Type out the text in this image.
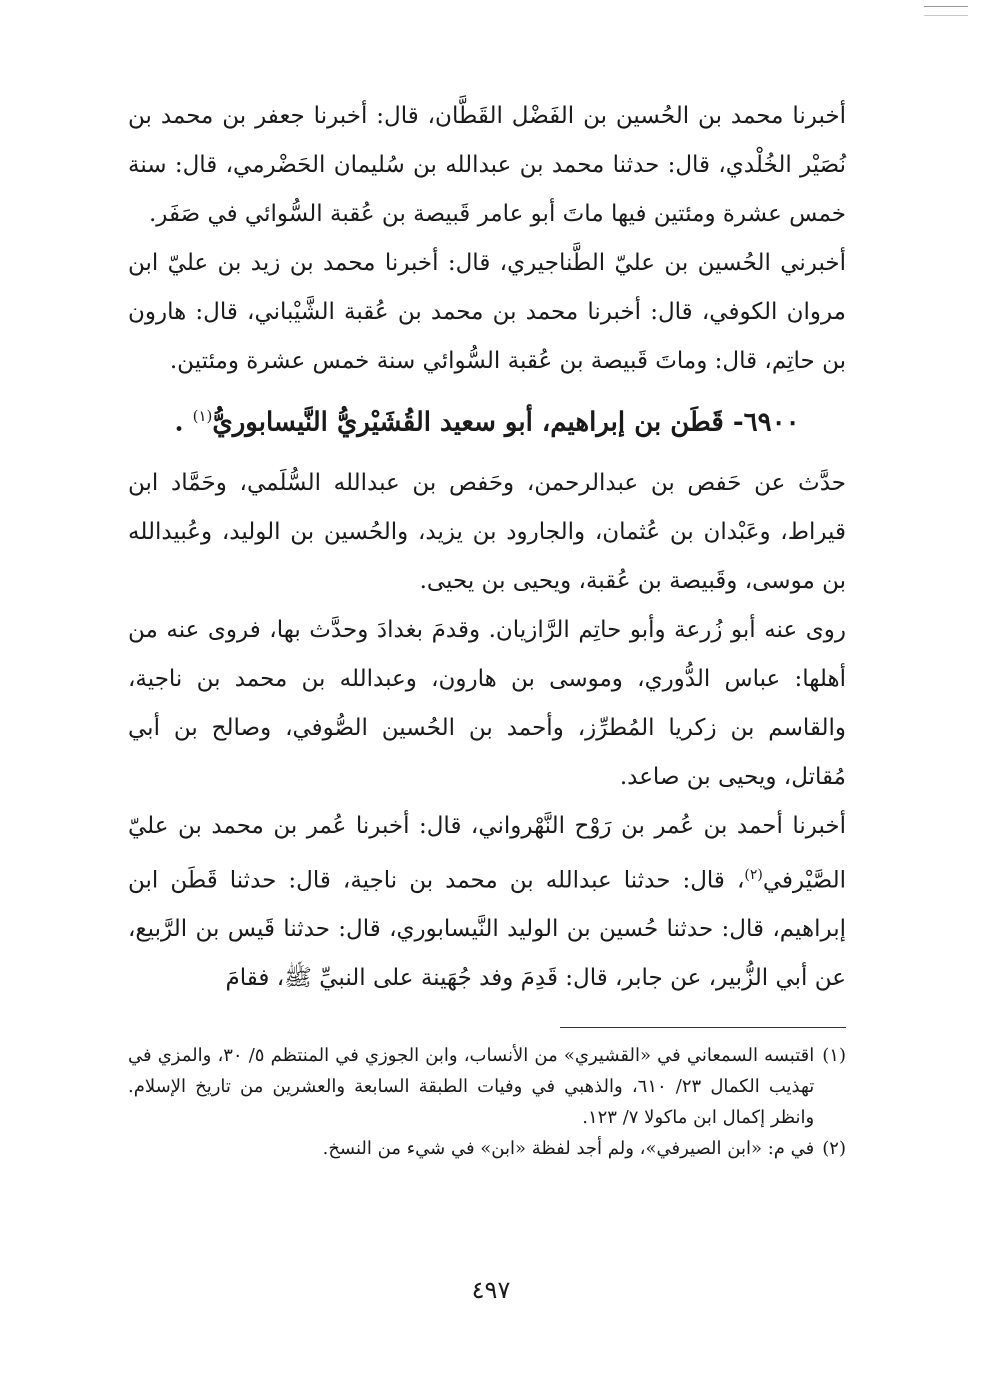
أخبرنا محمد بن الحُسين بن الفَضْل القَطَّان، قال: أخبرنا جعفر بن محمد بن نُصَيْر الخُلْدي، قال: حدثنا محمد بن عبدالله بن سُليمان الحَضْرمي، قال: سنة خمس عشرة ومئتين فيها ماتَ أبو عامر قَبيصة بن عُقبة السُّوائي في صَفَر.

أخبرني الحُسين بن عليّ الطَّناجيري، قال: أخبرنا محمد بن زيد بن عليّ ابن مروان الكوفي، قال: أخبرنا محمد بن محمد بن عُقبة الشَّيْباني، قال: هارون بن حاتِم، قال: وماتَ قَبيصة بن عُقبة السُّوائي سنة خمس عشرة ومئتين.

٦٩٠٠- قَطَن بن إبراهيم، أبو سعيد القُشَيْريُّ النَّيسابوريُّ$^{(١)}$ .

حدَّث عن حَفص بن عبدالرحمن، وحَفص بن عبدالله السُّلَمي، وحَمَّاد ابن قيراط، وعَبْدان بن عُثمان، والجارود بن يزيد، والحُسين بن الوليد، وعُبيدالله بن موسى، وقَبيصة بن عُقبة، ويحيى بن يحيى.

روى عنه أبو زُرعة وأبو حاتِم الرَّازيان. وقدمَ بغدادَ وحدَّث بها، فروى عنه من أهلها: عباس الدُّوري، وموسى بن هارون، وعبدالله بن محمد بن ناجية، والقاسم بن زكريا المُطرِّز، وأحمد بن الحُسين الصُّوفي، وصالح بن أبي مُقاتل، ويحيى بن صاعد.

أخبرنا أحمد بن عُمر بن رَوْح النَّهْرواني، قال: أخبرنا عُمر بن محمد بن عليّ الصَّيْرفي$^{(٢)}$، قال: حدثنا عبدالله بن محمد بن ناجية، قال: حدثنا قَطَن ابن إبراهيم، قال: حدثنا حُسين بن الوليد النَّيسابوري، قال: حدثنا قَيس بن الرَّبيع، عن أبي الزُّبير، عن جابر، قال: قَدِمَ وفد جُهَينة على النبيِّ ﷺ، فقامَ

(١)
اقتبسه السمعاني في «القشيري» من الأنساب، وابن الجوزي في المنتظم ٥/ ٣٠، والمزي في تهذيب الكمال ٢٣/ ٦١٠، والذهبي في وفيات الطبقة السابعة والعشرين من تاريخ الإسلام. وانظر إكمال ابن ماكولا ٧/ ١٢٣.
(٢)
في م: «ابن الصيرفي»، ولم أجد لفظة «ابن» في شيء من النسخ.
٤٩٧
